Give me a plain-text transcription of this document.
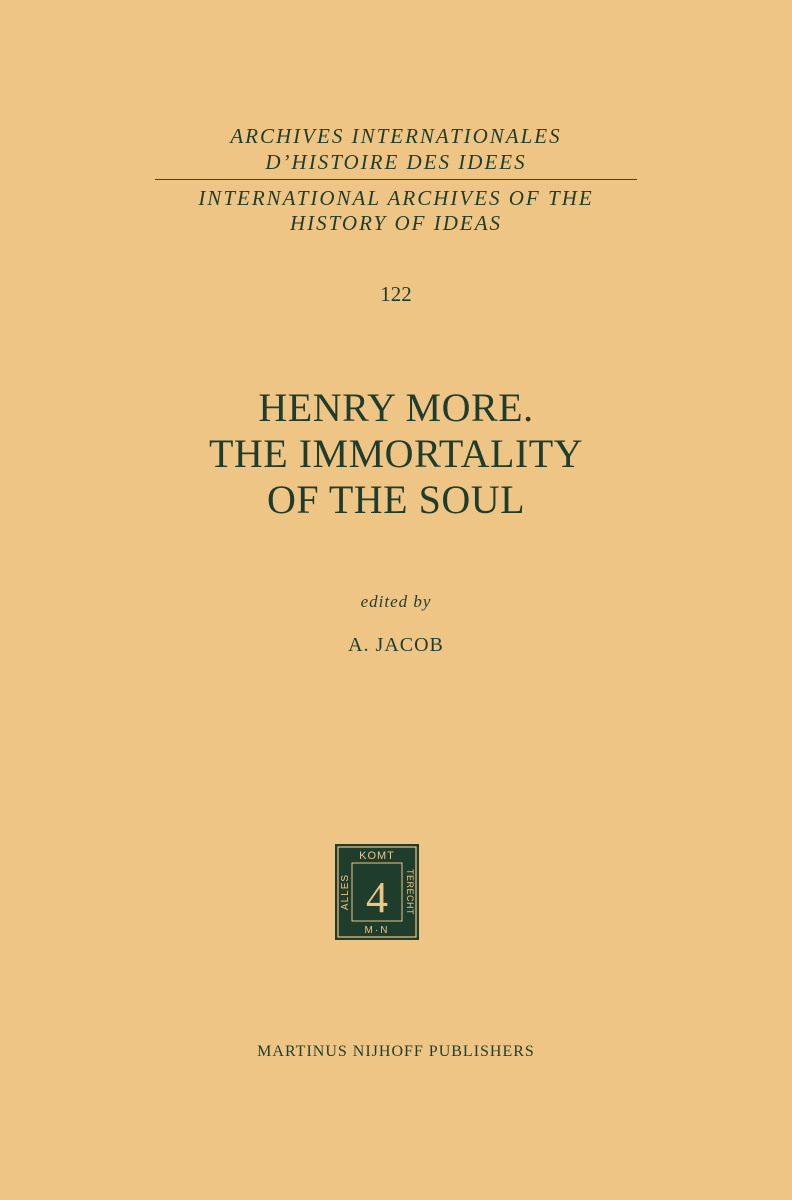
ARCHIVES INTERNATIONALES
D’HISTOIRE DES IDEES
INTERNATIONAL ARCHIVES OF THE
HISTORY OF IDEAS
122
HENRY MORE.
THE IMMORTALITY
OF THE SOUL
edited by
A. JACOB
KOMT
M·N
ALLES	TERECHT
4
MARTINUS NIJHOFF PUBLISHERS
